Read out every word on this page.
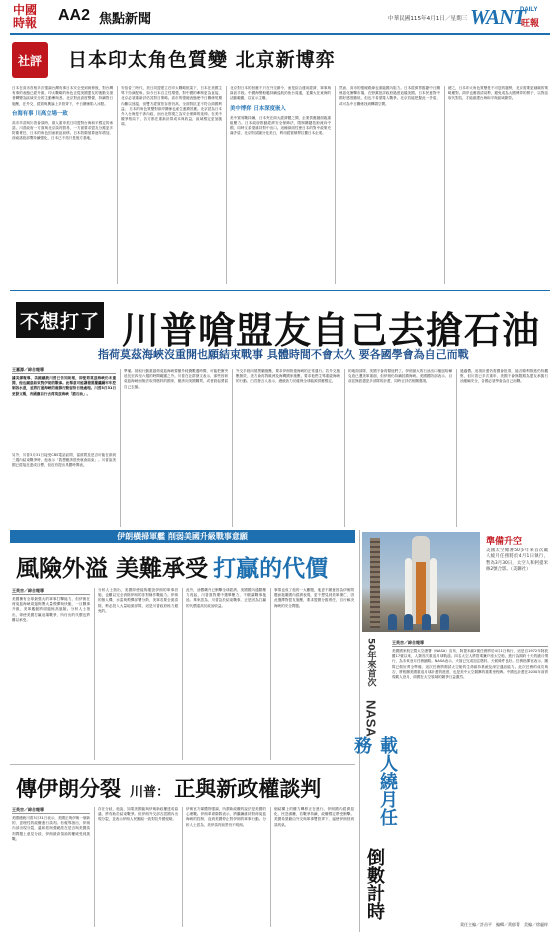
中國
時報	AA2 焦點新聞	中華民國115年4月1日／星期三 WANT
DAILY
旺報
社評 日本印太角色質變 北京新博弈
日本在高市首相多次強調台灣有事日本安全受到威脅後，對台灣有事的表態已經升級，印太戰略的角色正從美國盟友的後勤支援者轉變為區域安全的主動參與者。北京對此高度警覺，持續對日施壓，在外交、經貿與輿論上多管齊下，中日關係陷入冰點。
台海有事 川高立場一致
高市早苗與川普會談時，兩人重申美日同盟對台海和平穩定的承諾。川普政府一方面與北京談判貿易，一方面要求盟友分擔更多防衛責任，日本的角色因而被迫前移。日本防衛預算逐年增加，西南諸島部署持續強化，日本已不再只是後方基地。
安倍晉三時代，美日同盟建立在印太戰略框架下，日本在美國主導下扮演配角。如今日本自主性增強，對中國的牽制更為直接，北京必須重新評估其對日策略。高市的強硬表態使中日關係短期內難以回溫，但雙方經貿依存度仍高，全面對抗並不符合兩國利益。 日本的角色質變對兩岸關係也產生連鎖效應。北京認為日本介入台海是干涉內政，而台北則視之為安全保障的延伸。在美中競爭格局下，各方都在重新計算成本與收益，區域穩定更加脆弱。
北京對日本的回應不只在外交辭令，而是綜合運用經濟、軍事與資訊手段。中國海警船艦持續巡航釣魚台周邊，並擴大在東海的活動範圍，以宣示主權。
美中博弈 日本深度嵌入
美中貿易戰持續，日本夾在兩大經濟體之間，企業供應鏈面臨重組壓力。日本政府推動經濟安全保障法，限制關鍵技術流向中國，同時又希望維持對中出口。這種兩面性使日本的對中政策充滿矛盾，北京則試圖分化美日，利用經貿槓桿拉攏日本企業。
然而，高市的強硬路線也面臨國內阻力。日本經濟界擔憂中日關係惡化衝擊市場，在野黨批評政府過度追隨美國。日本民意對中國好感度雖低，但也不希望捲入戰爭。北京若能把握此一矛盾，或可為中日關係找到轉圜空間。
總之，日本印太角色質變是不可逆的趨勢，北京需要更細緻的策略應對。兩岸也應看清局勢，避免成為大國博弈的棋子，以對話取代對抗，才能維護台海和平與區域繁榮。
不想打了 川普嗆盟友自己去搶石油
指荷莫茲海峽沒重開也願結束戰事 具體時間不會太久 要各國學會為自己而戰
王嘉源／綜合報導
據美媒報導，美國總統川普已告知助理，即使荷莫茲海峽仍未重開，他也願意結束對伊朗的戰事。此舉意可能讓德黑蘭繼續牢牢控制該水道，並將打通海峽的複雜行動留待日後處理。川普3月31日更發文稱，各國應自行去荷莫茲海峽「搶石油」。
另外，川普3月31日接受CBS電話訪問，當被問及是否可能在兩到三週內結束戰爭時，他表示「我想應該很快就會結束」。川普說美國已經接近達成目標，但沒有提出具體時間表。
準備。採取行動重啟荷莫茲海峽要額外耗費數週時間，可能把衝突延長至四至六週的時間範圍之外。川普在社群發文表示，那些因荷莫茲海峽而無法取得燃料的國家，應該向美國購買，或者鼓起勇氣自己去搶。
外交手段向德黑蘭施壓，要求伊朗恢復海峽的正常通行。若外交施壓無效，美方會再對歐洲及海灣國家施壓，要求他們主導重啟海峽的行動。白宮發言人表示，總統致力於確保全球能源供應穩定。
的地面部隊，美國不會再幫他們了。伊朗最大的石油出口樞紐哈爾克島已遭美軍重創，但伊朗仍持續封鎖海峽。美國國防部表示，目前並無派遣更多部隊的計畫，同時正評估相關選項。
過適價。這項計畫仍需國會批准，能否順利推進仍待觀察，但川普已多次重申，美國不會無限期為盟友承擔石油運輸安全，各國必須學會為自己而戰。
伊朗橫掃軍艦 削弱美國升級戰事意願
風險外溢 美難承受 打贏的代價
王英吉／綜合報導
美國擁有全球最強大的軍事打擊能力，但伊朗在荷莫茲海峽周邊佈署大量飛彈與快艇，一旦戰事升級，美軍艦艇將面臨極高風險。分析人士指出，即使美國打贏這場戰爭，所付出的代價也將難以承受。
分析人士指出，美國即使能夠摧毀伊朗的軍事設施，也難以完全消除伊朗的非對稱作戰能力。伊朗的無人機、水雷與飛彈部署分散，美軍若要全面清除，勢必投入大量地面部隊，這是川普政府極力避免的。
此外，油價飆升已衝擊全球經濟，美國國內通膨壓力再起，川普面對期中選舉壓力，不願讓戰事拖延。專家認為，川普急於結束戰事，正是因為打贏的代價遠高於政治收益。
事情也成了他的一大難題，他更不願意因為伊朗問題而拖累國內經濟表現，更不想見到美軍傷亡，因此選擇對盟友施壓，要求盟國分擔責任，自行解決海峽的安全問題。
傳伊朗分裂 川普： 正與新政權談判
王英吉／綜合報導
美國總統川普3月31日表示，美國正與伊朗一個新的、更理性的政權進行談判。有報導指出，伊朗內部出現分裂，溫和派與強硬派在是否與美國談判問題上意見分歧，伊朗最高領袖的權威受到挑戰。
存在分歧，他說，如果美國能與伊朗新政權達成協議，將有助於結束戰爭。但伊朗外交部否認國內出現分裂，並表示伊朗人民團結一致對抗外國侵略。
伊朗官方媒體則強調，所謂新政權的說法是美國的心理戰。伊朗革命衛隊表示，將繼續維持對荷莫茲海峽的控制，直到美國停止對伊朗的軍事行動。分析人士認為，美伊談判前景仍不明朗。
個結構上的權力轉移正在進行。伊朗國內經濟惡化、民怨沸騰，若戰爭持續，政權穩定將受衝擊。美國希望藉由外交與軍事雙管齊下，逼使伊朗回到談判桌。
準備升空
美國太空總署50多年來首次載人繞月任務將於4月1日執行，暫為3月30日，太空人和阿提米絲2號合影。（美聯社）
50年來首次
NASA
載人繞月任務
倒數計時
王英吉／綜合報導
美國國家航空暨太空總署（NASA）宣布，阿提米絲2號任務將於4月1日執行，這是自1972年阿波羅17號以來，人類首次重返月球軌道。四名太空人將搭乘獵戶座太空船，進行為期約十天的繞月飛行，為未來登月任務鋪路。NASA表示，火箭已完成加注燃料，天候條件良好。任務指揮官表示，團隊已做好萬全準備，這次任務將測試太空船的生命維持系統及深空通訊能力。此次任務的成功與否，將攸關美國重返月球計畫的進度，也是美中太空競賽的重要里程碑。中國也計畫在2030年前實現載人登月，兩國在太空領域的競爭日益激烈。
責任主編／許昌平　編輯／黃郁菁　美編／徐麗梓
